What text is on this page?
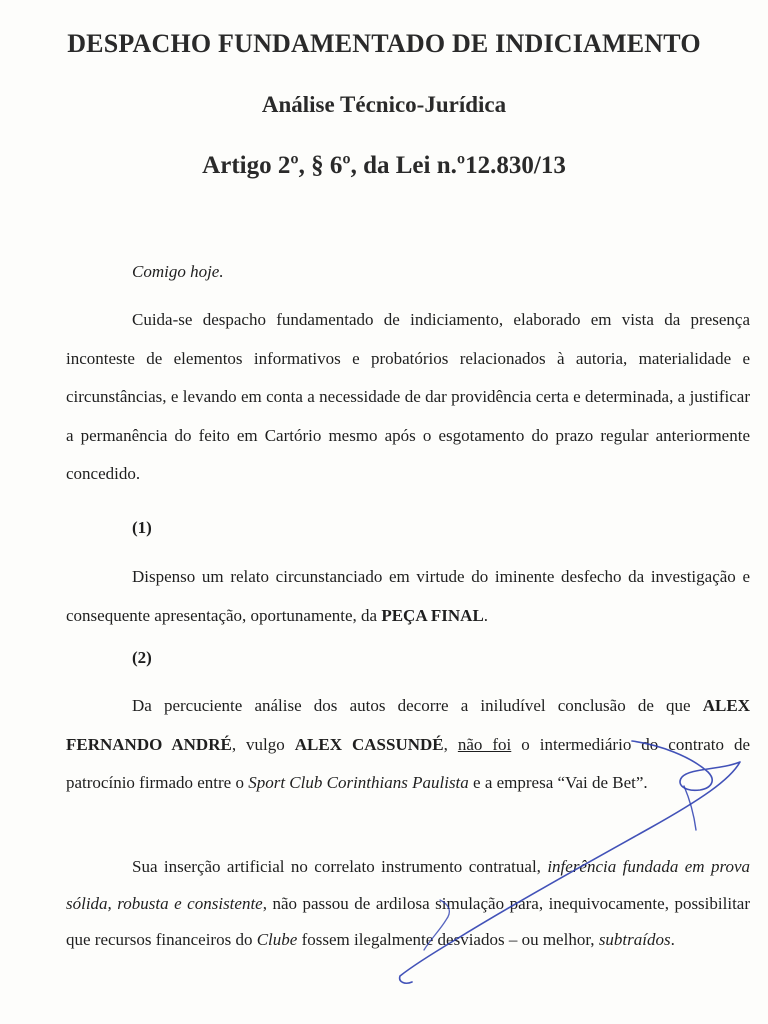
DESPACHO FUNDAMENTADO DE INDICIAMENTO
Análise Técnico-Jurídica
Artigo 2º, § 6º, da Lei n.º12.830/13

Comigo hoje.

Cuida-se despacho fundamentado de indiciamento, elaborado em vista da presença inconteste de elementos informativos e probatórios relacionados à autoria, materialidade e circunstâncias, e levando em conta a necessidade de dar providência certa e determinada, a justificar a permanência do feito em Cartório mesmo após o esgotamento do prazo regular anteriormente concedido.

(1)

Dispenso um relato circunstanciado em virtude do iminente desfecho da investigação e consequente apresentação, oportunamente, da PEÇA FINAL.

(2)

Da percuciente análise dos autos decorre a iniludível conclusão de que ALEX FERNANDO ANDRÉ, vulgo ALEX CASSUNDÉ, não foi o intermediário do contrato de patrocínio firmado entre o Sport Club Corinthians Paulista e a empresa “Vai de Bet”.

Sua inserção artificial no correlato instrumento contratual, inferência fundada em prova sólida, robusta e consistente, não passou de ardilosa simulação para, inequivocamente, possibilitar que recursos financeiros do Clube fossem ilegalmente desviados – ou melhor, subtraídos.
